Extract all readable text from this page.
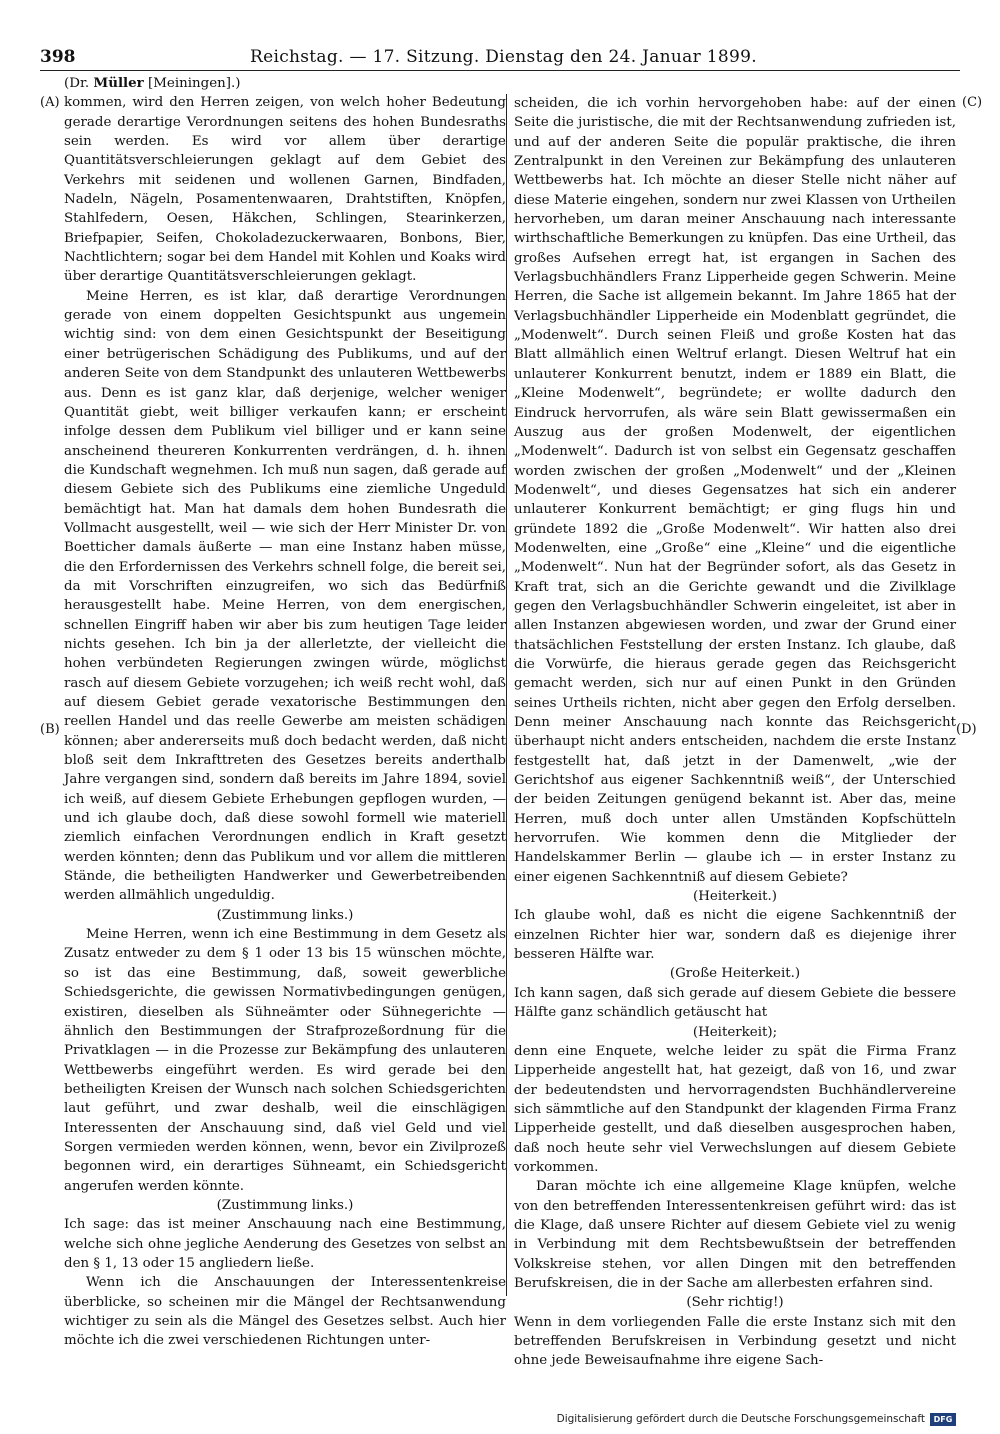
398	Reichstag. — 17. Sitzung. Dienstag den 24. Januar 1899.
(A)
(B)
(C)
(D)

(Dr. Müller [Meiningen].)

kommen, wird den Herren zeigen, von welch hoher Bedeutung gerade derartige Verordnungen seitens des hohen Bundesraths sein werden. Es wird vor allem über derartige Quantitätsverschleierungen geklagt auf dem Gebiet des Verkehrs mit seidenen und wollenen Garnen, Bindfaden, Nadeln, Nägeln, Posamentenwaaren, Drahtstiften, Knöpfen, Stahlfedern, Oesen, Häkchen, Schlingen, Stearinkerzen, Briefpapier, Seifen, Chokoladezuckerwaaren, Bonbons, Bier, Nachtlichtern; sogar bei dem Handel mit Kohlen und Koaks wird über derartige Quantitätsverschleierungen geklagt.

Meine Herren, es ist klar, daß derartige Verordnungen gerade von einem doppelten Gesichtspunkt aus ungemein wichtig sind: von dem einen Gesichtspunkt der Beseitigung einer betrügerischen Schädigung des Publikums, und auf der anderen Seite von dem Standpunkt des unlauteren Wettbewerbs aus. Denn es ist ganz klar, daß derjenige, welcher weniger Quantität giebt, weit billiger verkaufen kann; er erscheint infolge dessen dem Publikum viel billiger und er kann seine anscheinend theureren Konkurrenten verdrängen, d. h. ihnen die Kundschaft wegnehmen. Ich muß nun sagen, daß gerade auf diesem Gebiete sich des Publikums eine ziemliche Ungeduld bemächtigt hat. Man hat damals dem hohen Bundesrath die Vollmacht ausgestellt, weil — wie sich der Herr Minister Dr. von Boetticher damals äußerte — man eine Instanz haben müsse, die den Erfordernissen des Verkehrs schnell folge, die bereit sei, da mit Vorschriften einzugreifen, wo sich das Bedürfniß herausgestellt habe. Meine Herren, von dem energischen, schnellen Eingriff haben wir aber bis zum heutigen Tage leider nichts gesehen. Ich bin ja der allerletzte, der vielleicht die hohen verbündeten Regierungen zwingen würde, möglichst rasch auf diesem Gebiete vorzugehen; ich weiß recht wohl, daß auf diesem Gebiet gerade vexatorische Bestimmungen den reellen Handel und das reelle Gewerbe am meisten schädigen können; aber andererseits muß doch bedacht werden, daß nicht bloß seit dem Inkrafttreten des Gesetzes bereits anderthalb Jahre vergangen sind, sondern daß bereits im Jahre 1894, soviel ich weiß, auf diesem Gebiete Erhebungen gepflogen wurden, — und ich glaube doch, daß diese sowohl formell wie materiell ziemlich einfachen Verordnungen endlich in Kraft gesetzt werden könnten; denn das Publikum und vor allem die mittleren Stände, die betheiligten Handwerker und Gewerbetreibenden werden allmählich ungeduldig.

(Zustimmung links.)

Meine Herren, wenn ich eine Bestimmung in dem Gesetz als Zusatz entweder zu dem § 1 oder 13 bis 15 wünschen möchte, so ist das eine Bestimmung, daß, soweit gewerbliche Schiedsgerichte, die gewissen Normativbedingungen genügen, existiren, dieselben als Sühneämter oder Sühnegerichte — ähnlich den Bestimmungen der Strafprozeßordnung für die Privatklagen — in die Prozesse zur Bekämpfung des unlauteren Wettbewerbs eingeführt werden. Es wird gerade bei den betheiligten Kreisen der Wunsch nach solchen Schiedsgerichten laut geführt, und zwar deshalb, weil die einschlägigen Interessenten der Anschauung sind, daß viel Geld und viel Sorgen vermieden werden können, wenn, bevor ein Zivilprozeß begonnen wird, ein derartiges Sühneamt, ein Schiedsgericht angerufen werden könnte.

(Zustimmung links.)

Ich sage: das ist meiner Anschauung nach eine Bestimmung, welche sich ohne jegliche Aenderung des Gesetzes von selbst an den § 1, 13 oder 15 angliedern ließe.

Wenn ich die Anschauungen der Interessentenkreise überblicke, so scheinen mir die Mängel der Rechtsanwendung wichtiger zu sein als die Mängel des Gesetzes selbst. Auch hier möchte ich die zwei verschiedenen Richtungen unter-

scheiden, die ich vorhin hervorgehoben habe: auf der einen Seite die juristische, die mit der Rechtsanwendung zufrieden ist, und auf der anderen Seite die populär praktische, die ihren Zentralpunkt in den Vereinen zur Bekämpfung des unlauteren Wettbewerbs hat. Ich möchte an dieser Stelle nicht näher auf diese Materie eingehen, sondern nur zwei Klassen von Urtheilen hervorheben, um daran meiner Anschauung nach interessante wirthschaftliche Bemerkungen zu knüpfen. Das eine Urtheil, das großes Aufsehen erregt hat, ist ergangen in Sachen des Verlagsbuchhändlers Franz Lipperheide gegen Schwerin. Meine Herren, die Sache ist allgemein bekannt. Im Jahre 1865 hat der Verlagsbuchhändler Lipperheide ein Modenblatt gegründet, die „Modenwelt“. Durch seinen Fleiß und große Kosten hat das Blatt allmählich einen Weltruf erlangt. Diesen Weltruf hat ein unlauterer Konkurrent benutzt, indem er 1889 ein Blatt, die „Kleine Modenwelt“, begründete; er wollte dadurch den Eindruck hervorrufen, als wäre sein Blatt gewissermaßen ein Auszug aus der großen Modenwelt, der eigentlichen „Modenwelt“. Dadurch ist von selbst ein Gegensatz geschaffen worden zwischen der großen „Modenwelt“ und der „Kleinen Modenwelt“, und dieses Gegensatzes hat sich ein anderer unlauterer Konkurrent bemächtigt; er ging flugs hin und gründete 1892 die „Große Modenwelt“. Wir hatten also drei Modenwelten, eine „Große“ eine „Kleine“ und die eigentliche „Modenwelt“. Nun hat der Begründer sofort, als das Gesetz in Kraft trat, sich an die Gerichte gewandt und die Zivilklage gegen den Verlagsbuchhändler Schwerin eingeleitet, ist aber in allen Instanzen abgewiesen worden, und zwar der Grund einer thatsächlichen Feststellung der ersten Instanz. Ich glaube, daß die Vorwürfe, die hieraus gerade gegen das Reichsgericht gemacht werden, sich nur auf einen Punkt in den Gründen seines Urtheils richten, nicht aber gegen den Erfolg derselben. Denn meiner Anschauung nach konnte das Reichsgericht überhaupt nicht anders entscheiden, nachdem die erste Instanz festgestellt hat, daß jetzt in der Damenwelt, „wie der Gerichtshof aus eigener Sachkenntniß weiß“, der Unterschied der beiden Zeitungen genügend bekannt ist. Aber das, meine Herren, muß doch unter allen Umständen Kopfschütteln hervorrufen. Wie kommen denn die Mitglieder der Handelskammer Berlin — glaube ich — in erster Instanz zu einer eigenen Sachkenntniß auf diesem Gebiete?

(Heiterkeit.)

Ich glaube wohl, daß es nicht die eigene Sachkenntniß der einzelnen Richter hier war, sondern daß es diejenige ihrer besseren Hälfte war.

(Große Heiterkeit.)

Ich kann sagen, daß sich gerade auf diesem Gebiete die bessere Hälfte ganz schändlich getäuscht hat

(Heiterkeit);

denn eine Enquete, welche leider zu spät die Firma Franz Lipperheide angestellt hat, hat gezeigt, daß von 16, und zwar der bedeutendsten und hervorragendsten Buchhändlervereine sich sämmtliche auf den Standpunkt der klagenden Firma Franz Lipperheide gestellt, und daß dieselben ausgesprochen haben, daß noch heute sehr viel Verwechslungen auf diesem Gebiete vorkommen.

Daran möchte ich eine allgemeine Klage knüpfen, welche von den betreffenden Interessentenkreisen geführt wird: das ist die Klage, daß unsere Richter auf diesem Gebiete viel zu wenig in Verbindung mit dem Rechtsbewußtsein der betreffenden Volkskreise stehen, vor allen Dingen mit den betreffenden Berufskreisen, die in der Sache am allerbesten erfahren sind.

(Sehr richtig!)

Wenn in dem vorliegenden Falle die erste Instanz sich mit den betreffenden Berufskreisen in Verbindung gesetzt und nicht ohne jede Beweisaufnahme ihre eigene Sach-

Digitalisierung gefördert durch die Deutsche Forschungsgemeinschaft	DFG
